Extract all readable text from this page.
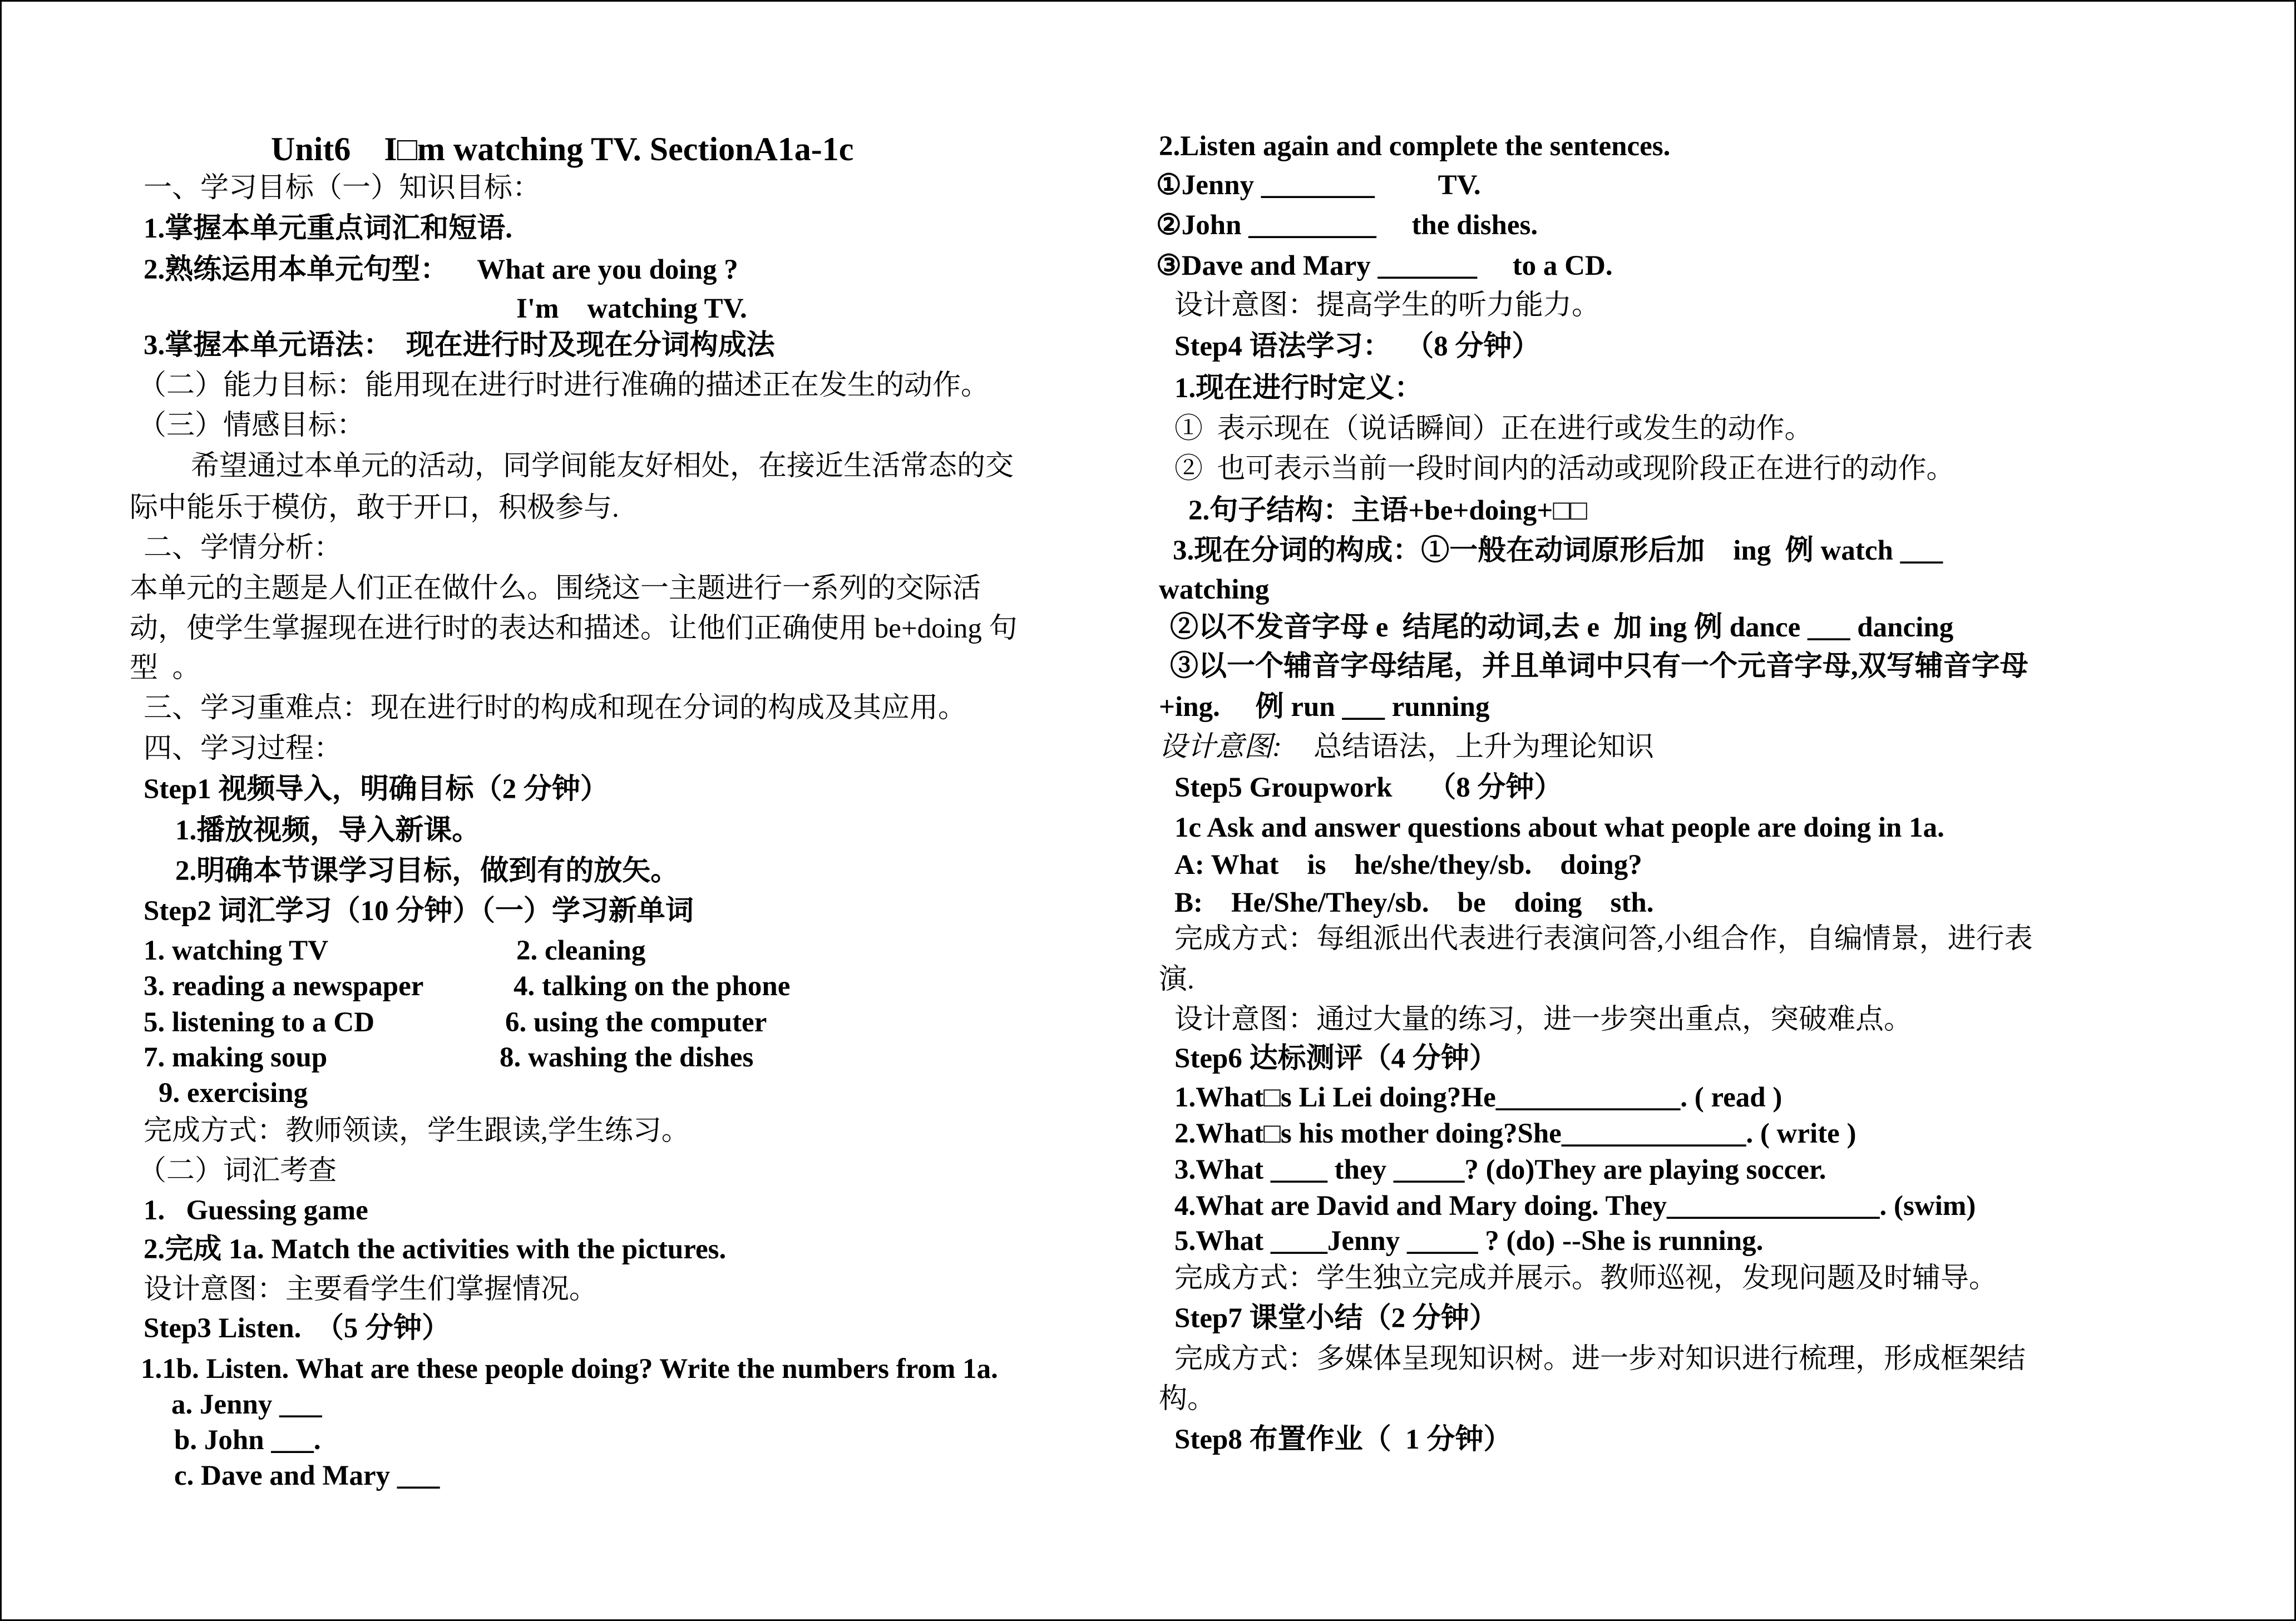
Unit6    I□m watching TV. SectionA1a-1c
一、学习目标（一）知识目标：
1.掌握本单元重点词汇和短语.
2.熟练运用本单元句型：    What are you doing ?
I'm    watching TV.
3.掌握本单元语法：  现在进行时及现在分词构成法
（二）能力目标：能用现在进行时进行准确的描述正在发生的动作。
（三）情感目标：
希望通过本单元的活动，同学间能友好相处，在接近生活常态的交
际中能乐于模仿，敢于开口，积极参与.
二、学情分析：
本单元的主题是人们正在做什么。围绕这一主题进行一系列的交际活
动，使学生掌握现在进行时的表达和描述。让他们正确使用 be+doing 句
型  。
三、学习重难点：现在进行时的构成和现在分词的构成及其应用。
四、学习过程：
Step1 视频导入，明确目标（2 分钟）
1.播放视频，导入新课。
2.明确本节课学习目标，做到有的放矢。
Step2 词汇学习（10 分钟）（一）学习新单词
1. watching TV	2. cleaning
3. reading a newspaper	4. talking on the phone
5. listening to a CD	6. using the computer
7. making soup	8. washing the dishes
9. exercising
完成方式：教师领读，学生跟读,学生练习。
（二）词汇考查
1.   Guessing game
2.完成 1a. Match the activities with the pictures.
设计意图：主要看学生们掌握情况。
Step3 Listen.  （5 分钟）
1.1b. Listen. What are these people doing? Write the numbers from 1a.
a. Jenny ___
b. John ___.
c. Dave and Mary ___
2.Listen again and complete the sentences.
①Jenny ________         TV.
②John _________     the dishes.
③Dave and Mary _______     to a CD.
设计意图：提高学生的听力能力。
Step4 语法学习：  （8 分钟）
1.现在进行时定义：
①  表示现在（说话瞬间）正在进行或发生的动作。
②  也可表示当前一段时间内的活动或现阶段正在进行的动作。
2.句子结构：主语+be+doing+□□
3.现在分词的构成：①一般在动词原形后加    ing  例 watch ___
watching
②以不发音字母 e  结尾的动词,去 e  加 ing 例 dance ___ dancing
③以一个辅音字母结尾，并且单词中只有一个元音字母,双写辅音字母
+ing.     例 run ___ running
设计意图: 总结语法，上升为理论知识
Step5 Groupwork     （8 分钟）
1c Ask and answer questions about what people are doing in 1a.
A: What    is    he/she/they/sb.    doing?
B:    He/She/They/sb.    be    doing    sth.
完成方式：每组派出代表进行表演问答,小组合作，自编情景，进行表
演.
设计意图：通过大量的练习，进一步突出重点，突破难点。
Step6 达标测评（4 分钟）
1.What□s Li Lei doing?He_____________. ( read )
2.What□s his mother doing?She_____________. ( write )
3.What ____ they _____? (do)They are playing soccer.
4.What are David and Mary doing. They_______________. (swim)
5.What ____Jenny _____ ? (do) --She is running.
完成方式：学生独立完成并展示。教师巡视，发现问题及时辅导。
Step7 课堂小结（2 分钟）
完成方式：多媒体呈现知识树。进一步对知识进行梳理，形成框架结
构。
Step8 布置作业（  1 分钟）
